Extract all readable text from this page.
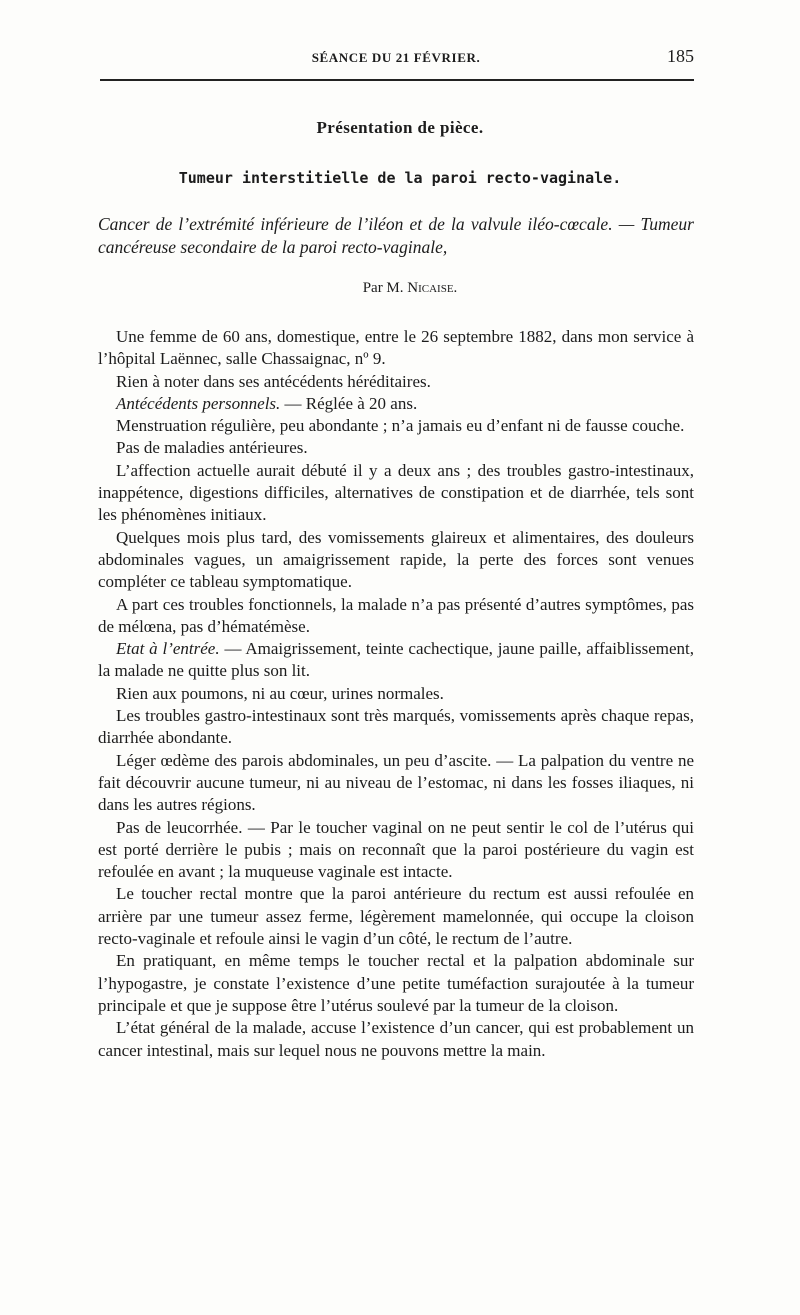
SÉANCE DU 21 FÉVRIER.	185
Présentation de pièce.
Tumeur interstitielle de la paroi recto-vaginale.
Cancer de l’extrémité inférieure de l’iléon et de la valvule iléo-cœcale. — Tumeur cancéreuse secondaire de la paroi recto-vaginale,
Par M. Nicaise.

Une femme de 60 ans, domestique, entre le 26 septembre 1882, dans mon service à l’hôpital Laënnec, salle Chassaignac, nº 9.

Rien à noter dans ses antécédents héréditaires.

Antécédents personnels. — Réglée à 20 ans.

Menstruation régulière, peu abondante ; n’a jamais eu d’enfant ni de fausse couche.

Pas de maladies antérieures.

L’affection actuelle aurait débuté il y a deux ans ; des troubles gastro-intestinaux, inappétence, digestions difficiles, alternatives de constipation et de diarrhée, tels sont les phénomènes initiaux.

Quelques mois plus tard, des vomissements glaireux et alimentaires, des douleurs abdominales vagues, un amaigrissement rapide, la perte des forces sont venues compléter ce tableau symptomatique.

A part ces troubles fonctionnels, la malade n’a pas présenté d’autres symptômes, pas de mélœna, pas d’hématémèse.

Etat à l’entrée. — Amaigrissement, teinte cachectique, jaune paille, affaiblissement, la malade ne quitte plus son lit.

Rien aux poumons, ni au cœur, urines normales.

Les troubles gastro-intestinaux sont très marqués, vomissements après chaque repas, diarrhée abondante.

Léger œdème des parois abdominales, un peu d’ascite. — La palpation du ventre ne fait découvrir aucune tumeur, ni au niveau de l’estomac, ni dans les fosses iliaques, ni dans les autres régions.

Pas de leucorrhée. — Par le toucher vaginal on ne peut sentir le col de l’utérus qui est porté derrière le pubis ; mais on reconnaît que la paroi postérieure du vagin est refoulée en avant ; la muqueuse vaginale est intacte.

Le toucher rectal montre que la paroi antérieure du rectum est aussi refoulée en arrière par une tumeur assez ferme, légèrement mamelonnée, qui occupe la cloison recto-vaginale et refoule ainsi le vagin d’un côté, le rectum de l’autre.

En pratiquant, en même temps le toucher rectal et la palpation abdominale sur l’hypogastre, je constate l’existence d’une petite tuméfaction surajoutée à la tumeur principale et que je suppose être l’utérus soulevé par la tumeur de la cloison.

L’état général de la malade, accuse l’existence d’un cancer, qui est probablement un cancer intestinal, mais sur lequel nous ne pouvons mettre la main.
